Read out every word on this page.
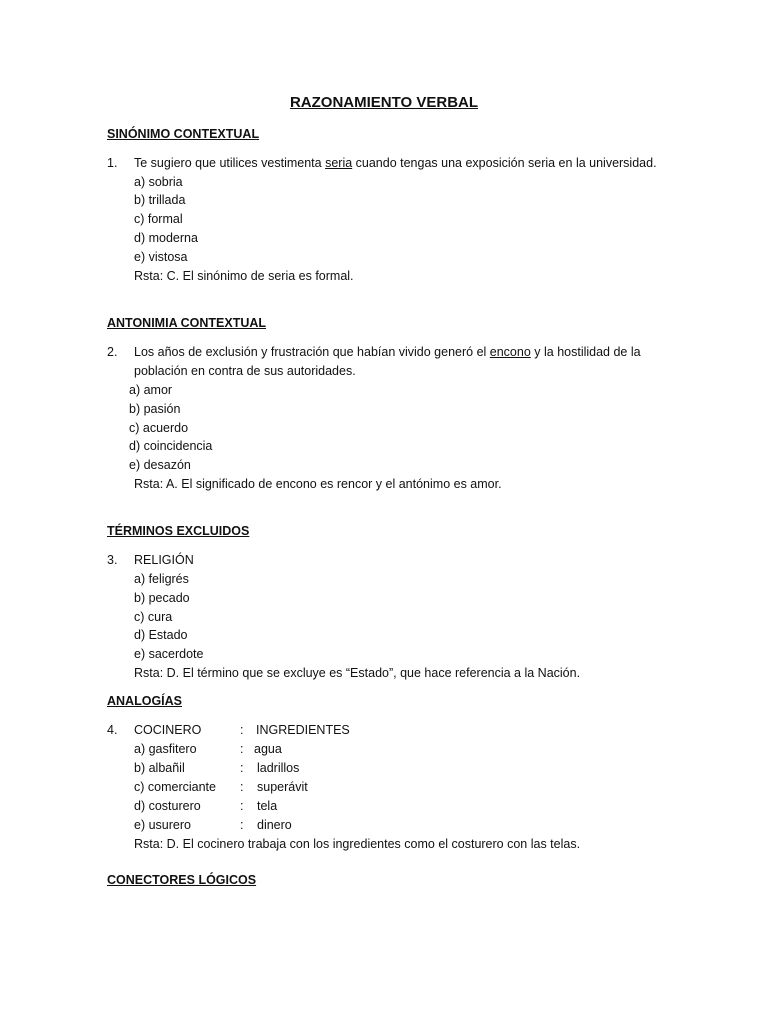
RAZONAMIENTO VERBAL
SINÓNIMO CONTEXTUAL
1. Te sugiero que utilices vestimenta seria cuando tengas una exposición seria en la universidad.
a) sobria
b) trillada
c) formal
d) moderna
e) vistosa
Rsta: C. El sinónimo de seria es formal.
ANTONIMIA CONTEXTUAL
2. Los años de exclusión y frustración que habían vivido generó el encono y la hostilidad de la
población en contra de sus autoridades.
a) amor
b) pasión
c) acuerdo
d) coincidencia
e) desazón
Rsta: A. El significado de encono es rencor y el antónimo es amor.
TÉRMINOS EXCLUIDOS
3. RELIGIÓN
a) feligrés
b) pecado
c) cura
d) Estado
e) sacerdote
Rsta: D. El término que se excluye es “Estado”, que hace referencia a la Nación.
ANALOGÍAS
4. COCINERO	: INGREDIENTES
a) gasfitero	: agua
b) albañil	: ladrillos
c) comerciante : superávit
d) costurero	: tela
e) usurero	: dinero
Rsta: D. El cocinero trabaja con los ingredientes como el costurero con las telas.
CONECTORES LÓGICOS
